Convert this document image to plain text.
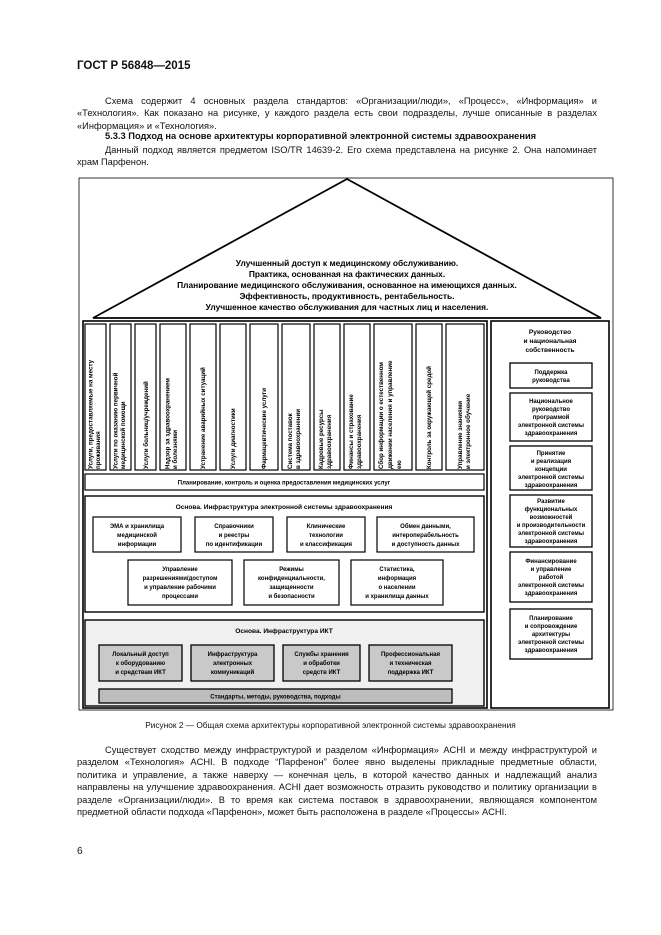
ГОСТ Р 56848—2015
Схема содержит 4 основных раздела стандартов: «Организации/люди», «Процесс», «Информация» и «Технология». Как показано на рисунке, у каждого раздела есть свои подразделы, лучше описанные в разделах «Информация» и «Технология».
5.3.3 Подход на основе архитектуры корпоративной электронной системы здравоохранения
Данный подход является предметом ISO/TR 14639-2. Его схема представлена на рисунке 2. Она напоминает храм Парфенон.
Улучшенный доступ к медицинскому обслуживанию.
Практика, основанная на фактических данных.
Планирование медицинского обслуживания, основанное на имеющихся данных.
Эффективность, продуктивность, рентабельность.
Улучшенное качество обслуживания для частных лиц и населения.
Услуги, предоставляемые на месту проживания Услуги по оказанию первичной медицинской помощи	Услуги больниц/учреждений Надзор за здравоохранением и болезнями	Устранение аварийных ситуаций	Услуги диагностики	Фармацевтические услуги	Система поставок в здравоохранении	Кадровые ресурсы здравоохранения Финансы и страхование здравоохранения Сбор информации о естественном движении населения и управление ею	Контроль за окружающей средой	Управление знаниями и электронное обучение
Планирование, контроль и оценка предоставления медицинских услуг
Основа. Инфраструктура электронной системы здравоохранения
ЭМА и хранилища
медицинской
информации
Справочники
и реестры
по идентификации
Клинические
технологии
и классификация
Обмен данными,
интероперабельность
и доступность данных
Управление
разрешениями/доступом
и управление рабочими
процессами
Режимы
конфиденциальности,
защищенности
и безопасности
Статистика,
информация
о населении
и хранилища данных
Основа. Инфраструктура ИКТ
Локальный доступ
к оборудованию
и средствам ИКТ
Инфраструктура
электронных
коммуникаций
Службы хранения
и обработки
средств ИКТ
Профессиональная
и техническая
поддержка ИКТ
Стандарты, методы, руководства, подходы
Руководство
и национальная
собственность
Поддержка
руководства
Национальное
руководство
программой
электронной системы
здравоохранения
Принятие
и реализация
концепции
электронной системы
здравоохранения
Развитие
функциональных
возможностей
и производительности
электронной системы
здравоохранения
Финансирование
и управление
работой
электронной системы
здравоохранения
Планирование
и сопровождение
архитектуры
электронной системы
здравоохранения
Рисунок 2 — Общая схема архитектуры корпоративной электронной системы здравоохранения
Существует сходство между инфраструктурой и разделом «Информация» ACHI и между инфраструктурой и разделом «Технология» ACHI. В подходе “Парфенон” более явно выделены прикладные предметные области, политика и управление, а также наверху — конечная цель, в которой качество данных и надлежащий анализ направлены на улучшение здравоохранения. ACHI дает возможность отразить руководство и политику организации в разделе «Организации/люди». В то время как система поставок в здравоохранении, являющаяся компонентом предметной области подхода «Парфенон», может быть расположена в разделе «Процессы» ACHI.
6
